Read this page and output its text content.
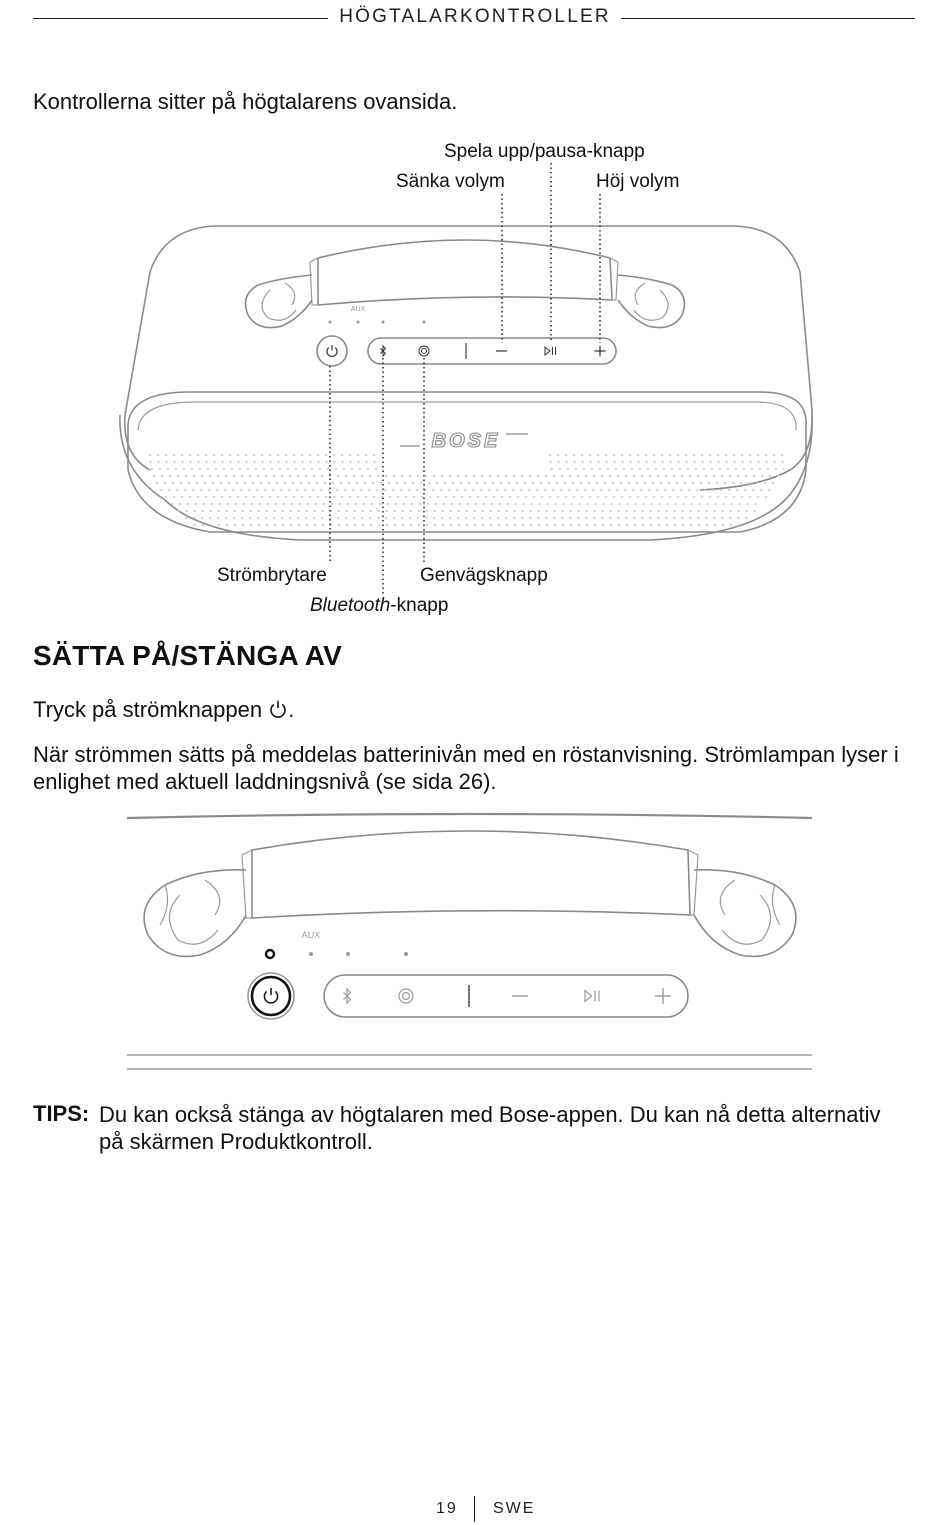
HÖGTALARKONTROLLER
Kontrollerna sitter på högtalarens ovansida.
Spela upp/pausa-knapp
Sänka volym	Höj volym
BOSE
AUX
Strömbrytare	Genvägsknapp
Bluetooth-knapp
SÄTTA PÅ/STÄNGA AV
Tryck på strömknappen .
När strömmen sätts på meddelas batterinivån med en röstanvisning. Strömlampan lyser i enlighet med aktuell laddningsnivå (se sida 26).
AUX
TIPS: Du kan också stänga av högtalaren med Bose-appen. Du kan nå detta alternativ på skärmen Produktkontroll.
19 SWE
